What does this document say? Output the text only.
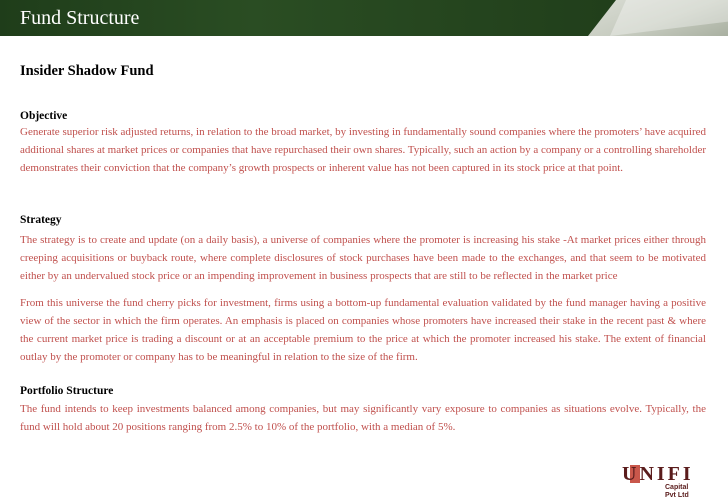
Fund Structure
Insider Shadow Fund
Objective
Generate superior risk adjusted returns, in relation to the broad market, by investing in fundamentally sound companies where the promoters’ have acquired additional shares at market prices or companies that have repurchased their own shares. Typically, such an action by a company or a controlling shareholder demonstrates their conviction that the company’s growth prospects or inherent value has not been captured in its stock price at that point.
Strategy
The strategy is to create and update (on a daily basis), a universe of companies where the promoter is increasing his stake -At market prices either through creeping acquisitions or buyback route, where complete disclosures of stock purchases have been made to the exchanges, and that seem to be motivated either by an undervalued stock price or an impending improvement in business prospects that are still to be reflected in the market price
From this universe the fund cherry picks for investment, firms using a bottom-up fundamental evaluation validated by the fund manager having a positive view of the sector in which the firm operates. An emphasis is placed on companies whose promoters have increased their stake in the recent past & where the current market price is trading a discount or at an acceptable premium to the price at which the promoter increased his stake. The extent of financial outlay by the promoter or company has to be meaningful in relation to the size of the firm.
Portfolio Structure
The fund intends to keep investments balanced among companies, but may significantly vary exposure to companies as situations evolve. Typically, the fund will hold about 20 positions ranging from 2.5% to 10% of the portfolio, with a median of 5%.
UNIFI
Capital
Pvt Ltd
